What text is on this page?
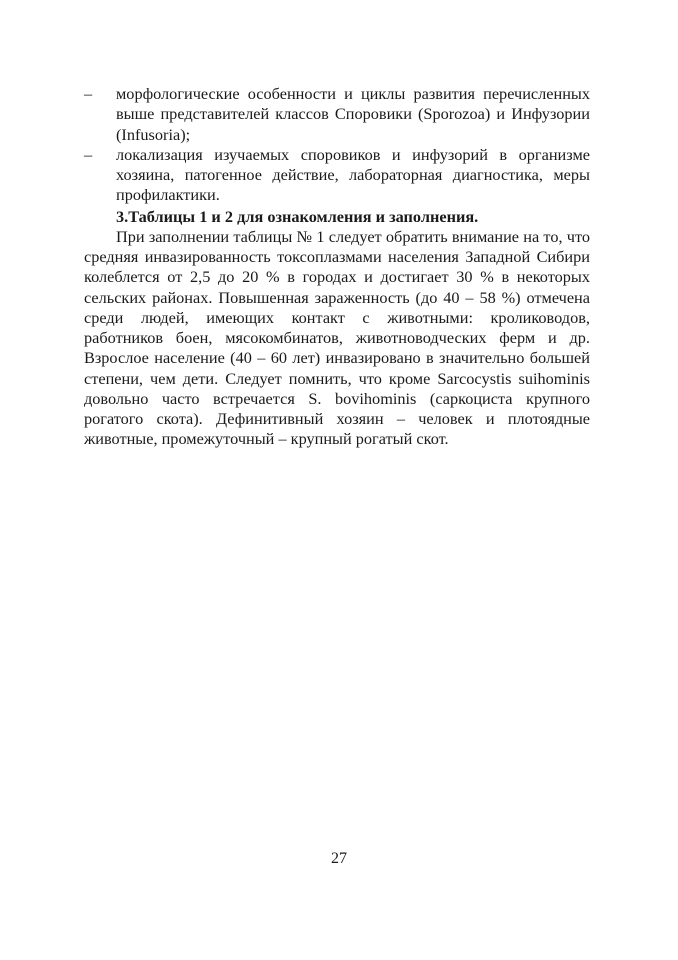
– морфологические особенности и циклы развития перечисленных выше представителей классов Споровики (Sporozoa) и Инфузории (Infusoria);
– локализация изучаемых споровиков и инфузорий в организме хозяина, патогенное действие, лабораторная диагностика, меры профилактики.
3.Таблицы 1 и 2 для ознакомления и заполнения.
При заполнении таблицы № 1 следует обратить внимание на то, что средняя инвазированность токсоплазмами населения Западной Сибири колеблется от 2,5 до 20 % в городах и достигает 30 % в некоторых сельских районах. Повышенная зараженность (до 40 – 58 %) отмечена среди людей, имеющих контакт с животными: кролиководов, работников боен, мясокомбинатов, животноводческих ферм и др. Взрослое население (40 – 60 лет) инвазировано в значительно большей степени, чем дети. Следует помнить, что кроме Sarcocystis suihominis довольно часто встречается S. bovihominis (саркоциста крупного рогатого скота). Дефинитивный хозяин – человек и плотоядные животные, промежуточный – крупный рогатый скот.
27
